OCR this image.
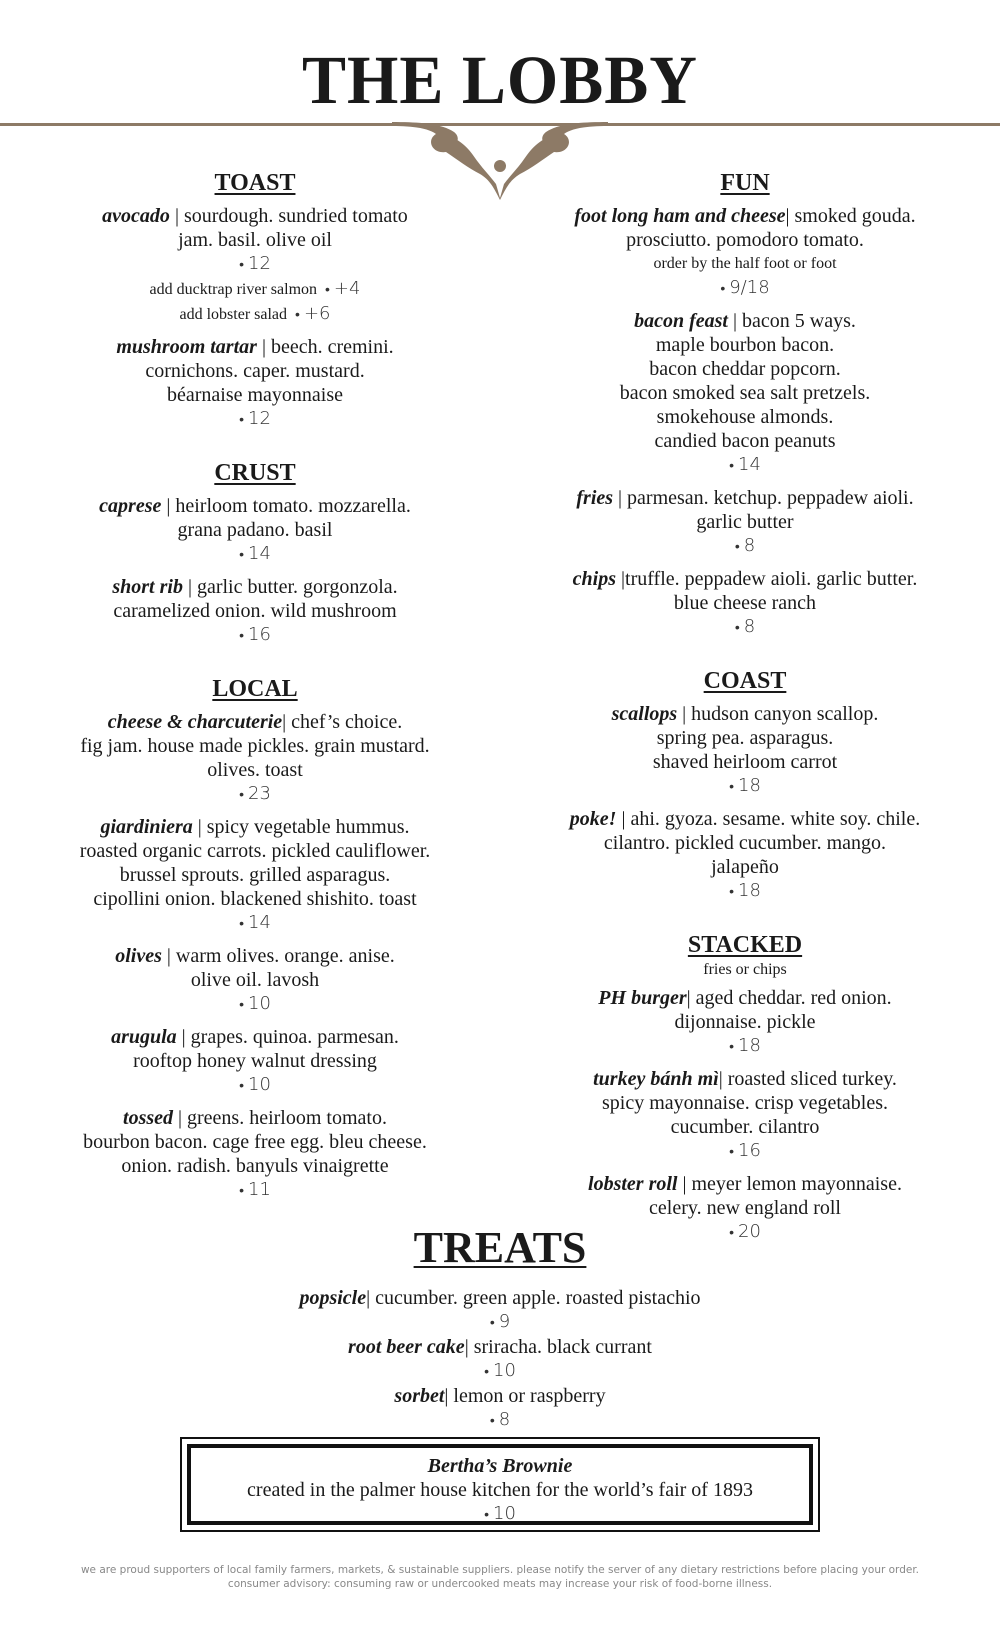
THE LOBBY
TOAST
avocado | sourdough. sundried tomato
jam. basil. olive oil
• 12
add ducktrap river salmon • +4
add lobster salad • +6
mushroom tartar | beech. cremini.
cornichons. caper. mustard.
béarnaise mayonnaise
• 12
CRUST
caprese | heirloom tomato. mozzarella.
grana padano. basil
• 14
short rib | garlic butter. gorgonzola.
caramelized onion. wild mushroom
• 16
LOCAL
cheese & charcuterie| chef’s choice.
fig jam. house made pickles. grain mustard.
olives. toast
• 23
giardiniera | spicy vegetable hummus.
roasted organic carrots. pickled cauliflower.
brussel sprouts. grilled asparagus.
cipollini onion. blackened shishito. toast
• 14
olives | warm olives. orange. anise.
olive oil. lavosh
• 10
arugula | grapes. quinoa. parmesan.
rooftop honey walnut dressing
• 10
tossed | greens. heirloom tomato.
bourbon bacon. cage free egg. bleu cheese.
onion. radish. banyuls vinaigrette
• 11
FUN
foot long ham and cheese| smoked gouda.
prosciutto. pomodoro tomato.
order by the half foot or foot
• 9/18
bacon feast | bacon 5 ways.
maple bourbon bacon.
bacon cheddar popcorn.
bacon smoked sea salt pretzels.
smokehouse almonds.
candied bacon peanuts
• 14
fries | parmesan. ketchup. peppadew aioli.
garlic butter
• 8
chips |truffle. peppadew aioli. garlic butter.
blue cheese ranch
• 8
COAST
scallops | hudson canyon scallop.
spring pea. asparagus.
shaved heirloom carrot
• 18
poke! | ahi. gyoza. sesame. white soy. chile.
cilantro. pickled cucumber. mango.
jalapeño
• 18
STACKED
fries or chips
PH burger| aged cheddar. red onion.
dijonnaise. pickle
• 18
turkey bánh mì| roasted sliced turkey.
spicy mayonnaise. crisp vegetables.
cucumber. cilantro
• 16
lobster roll | meyer lemon mayonnaise.
celery. new england roll
• 20
TREATS
popsicle| cucumber. green apple. roasted pistachio
• 9
root beer cake| sriracha. black currant
• 10
sorbet| lemon or raspberry
• 8
Bertha’s Brownie
created in the palmer house kitchen for the world’s fair of 1893
• 10
we are proud supporters of local family farmers, markets, & sustainable suppliers. please notify the server of any dietary restrictions before placing your order.
consumer advisory: consuming raw or undercooked meats may increase your risk of food-borne illness.
